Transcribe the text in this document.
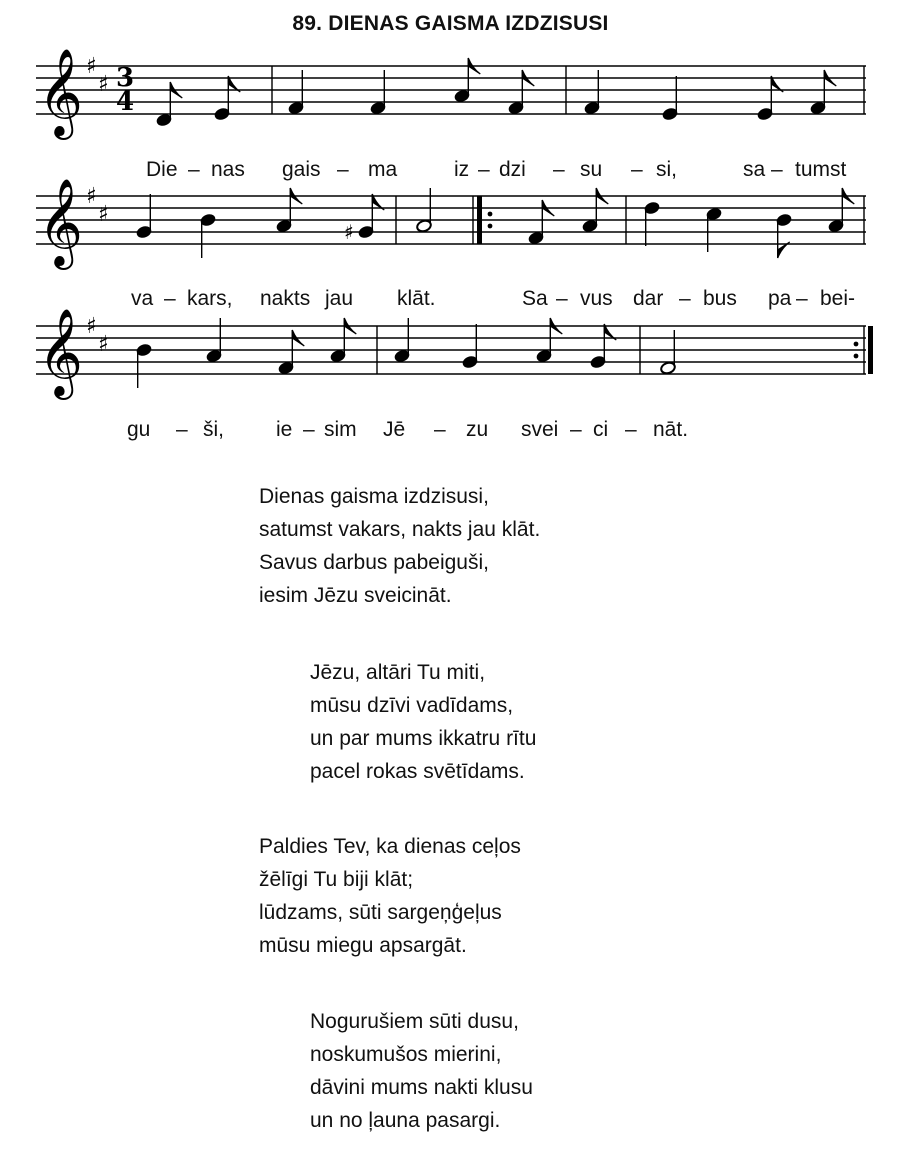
89. DIENAS GAISMA IZDZISUSI
𝄞 ♯
♯
𝄞 ♯
♯
𝄞 ♯
♯
3
4
♯
Die – nas gais – ma	iz – dzi – su – si,	sa – tumst
va – kars, nakts jau klāt.	Sa – vus dar – bus pa – bei-
gu – ši, ie – sim Jē – zu svei – ci – nāt.
Dienas gaisma izdzisusi,
satumst vakars, nakts jau klāt.
Savus darbus pabeiguši,
iesim Jēzu sveicināt.
Jēzu, altāri Tu miti,
mūsu dzīvi vadīdams,
un par mums ikkatru rītu
pacel rokas svētīdams.
Paldies Tev, ka dienas ceļos
žēlīgi Tu biji klāt;
lūdzams, sūti sargeņģeļus
mūsu miegu apsargāt.
Nogurušiem sūti dusu,
noskumušos mierini,
dāvini mums nakti klusu
un no ļauna pasargi.
